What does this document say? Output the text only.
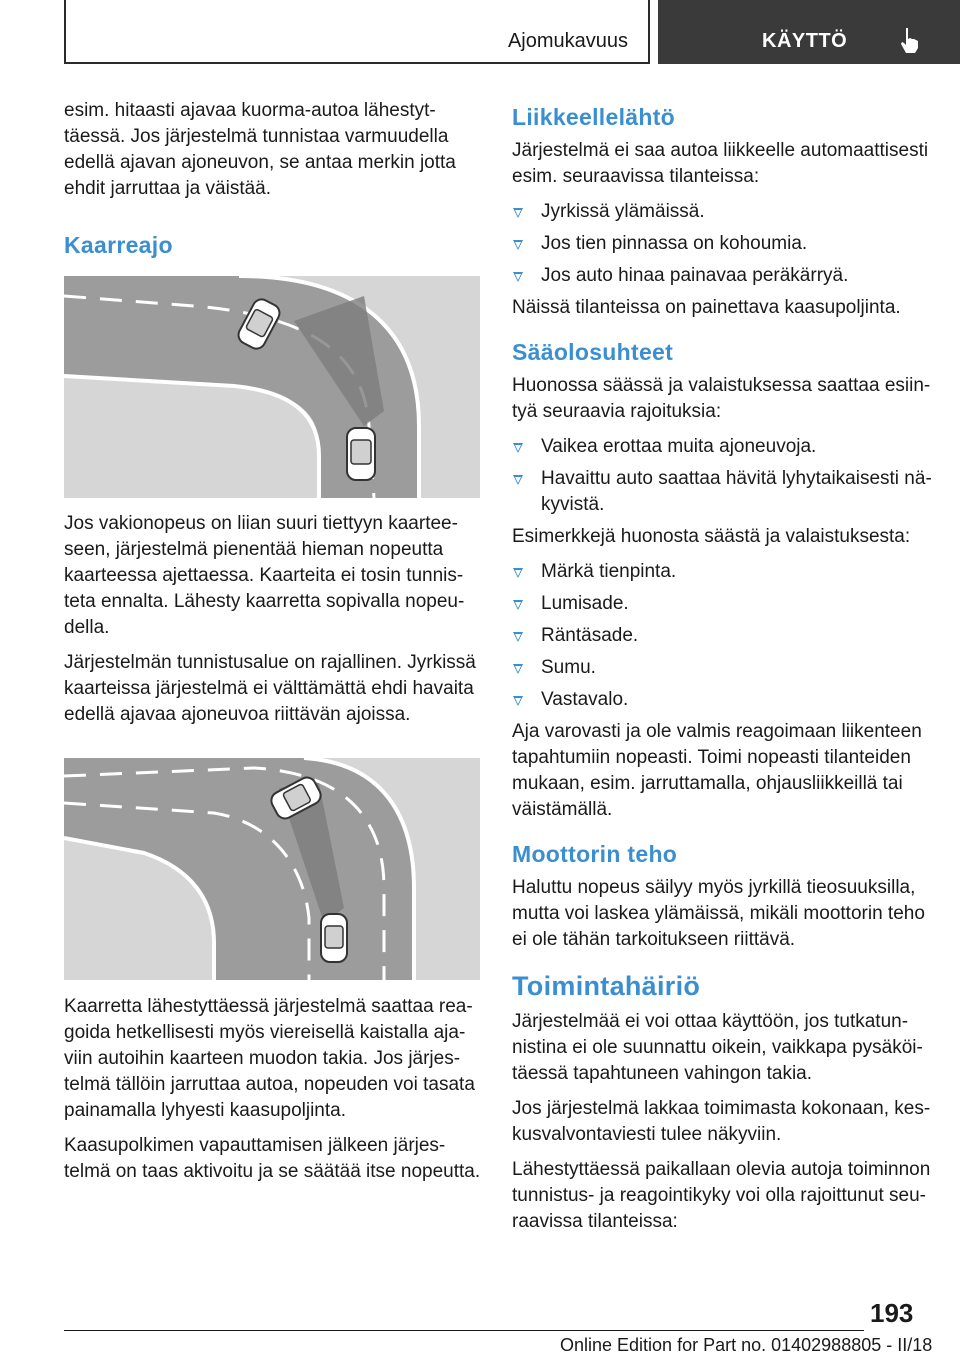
Ajomukavuus	KÄYTTÖ

esim. hitaasti ajavaa kuorma-autoa lähestyt‐ täessä. Jos järjestelmä tunnistaa varmuudella edellä ajavan ajoneuvon, se antaa merkin jotta ehdit jarruttaa ja väistää.

Kaarreajo

Jos vakionopeus on liian suuri tiettyyn kaartee‐ seen, järjestelmä pienentää hieman nopeutta kaarteessa ajettaessa. Kaarteita ei tosin tunnis‐ teta ennalta. Lähesty kaarretta sopivalla nopeu‐ della.

Järjestelmän tunnistusalue on rajallinen. Jyrkissä kaarteissa järjestelmä ei välttämättä ehdi havaita edellä ajavaa ajoneuvoa riittävän ajoissa.

Kaarretta lähestyttäessä järjestelmä saattaa rea‐ goida hetkellisesti myös viereisellä kaistalla aja‐ viin autoihin kaarteen muodon takia. Jos järjes‐ telmä tällöin jarruttaa autoa, nopeuden voi tasata painamalla lyhyesti kaasupoljinta.

Kaasupolkimen vapauttamisen jälkeen järjes‐ telmä on taas aktivoitu ja se säätää itse nopeutta.

Liikkeellelähtö

Järjestelmä ei saa autoa liikkeelle automaattisesti esim. seuraavissa tilanteissa:

Jyrkissä ylämäissä.
Jos tien pinnassa on kohoumia.
Jos auto hinaa painavaa peräkärryä.

Näissä tilanteissa on painettava kaasupoljinta.

Sääolosuhteet

Huonossa säässä ja valaistuksessa saattaa esiin‐ tyä seuraavia rajoituksia:

Vaikea erottaa muita ajoneuvoja.
Havaittu auto saattaa hävitä lyhytaikaisesti nä‐ kyvistä.

Esimerkkejä huonosta säästä ja valaistuksesta:

Märkä tienpinta.
Lumisade.
Räntäsade.
Sumu.
Vastavalo.

Aja varovasti ja ole valmis reagoimaan liikenteen tapahtumiin nopeasti. Toimi nopeasti tilanteiden mukaan, esim. jarruttamalla, ohjausliikkeillä tai väistämällä.

Moottorin teho

Haluttu nopeus säilyy myös jyrkillä tieosuuksilla, mutta voi laskea ylämäissä, mikäli moottorin teho ei ole tähän tarkoitukseen riittävä.

Toimintahäiriö

Järjestelmää ei voi ottaa käyttöön, jos tutkatun‐ nistina ei ole suunnattu oikein, vaikkapa pysäköi‐ täessä tapahtuneen vahingon takia.

Jos järjestelmä lakkaa toimimasta kokonaan, kes‐ kusvalvontaviesti tulee näkyviin.

Lähestyttäessä paikallaan olevia autoja toiminnon tunnistus- ja reagointikyky voi olla rajoittunut seu‐ raavissa tilanteissa:

193
Online Edition for Part no. 01402988805 - II/18
